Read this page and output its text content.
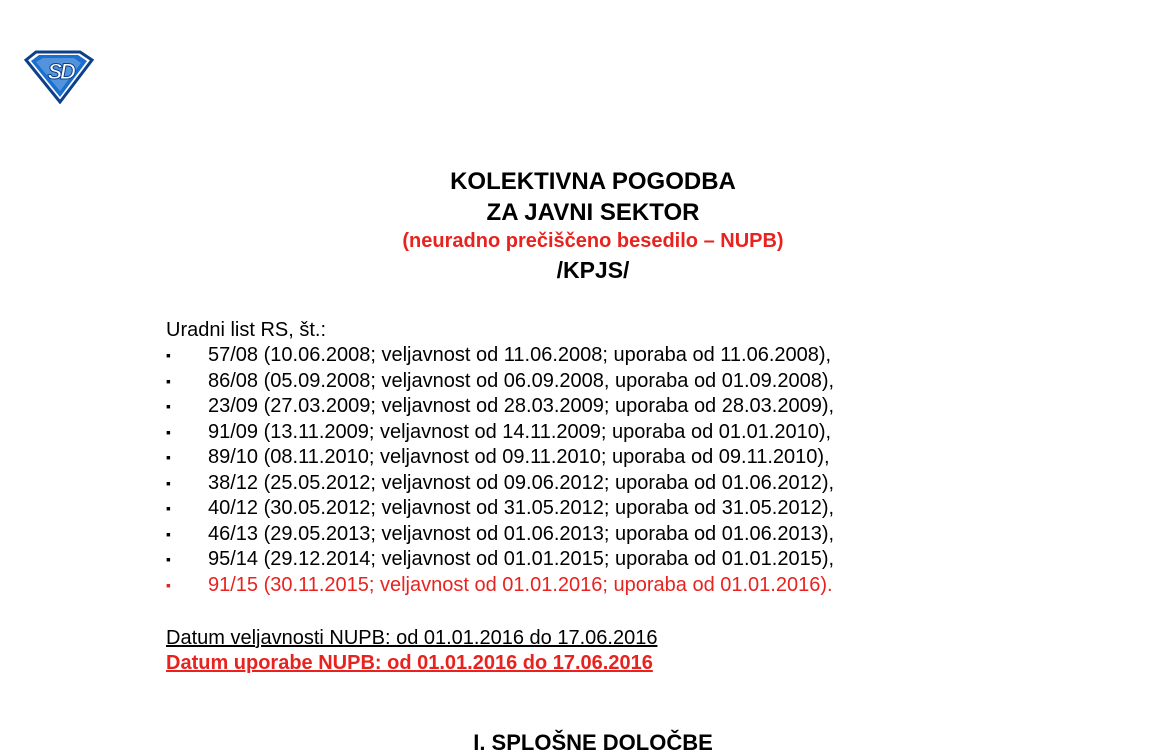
S
D
KOLEKTIVNA POGODBA
ZA JAVNI SEKTOR
(neuradno prečiščeno besedilo – NUPB)
/KPJS/
Uradni list RS, št.:
▪ 57/08 (10.06.2008; veljavnost od 11.06.2008; uporaba od 11.06.2008),
▪ 86/08 (05.09.2008; veljavnost od 06.09.2008, uporaba od 01.09.2008),
▪ 23/09 (27.03.2009; veljavnost od 28.03.2009; uporaba od 28.03.2009),
▪ 91/09 (13.11.2009; veljavnost od 14.11.2009; uporaba od 01.01.2010),
▪ 89/10 (08.11.2010; veljavnost od 09.11.2010; uporaba od 09.11.2010),
▪ 38/12 (25.05.2012; veljavnost od 09.06.2012; uporaba od 01.06.2012),
▪ 40/12 (30.05.2012; veljavnost od 31.05.2012; uporaba od 31.05.2012),
▪ 46/13 (29.05.2013; veljavnost od 01.06.2013; uporaba od 01.06.2013),
▪ 95/14 (29.12.2014; veljavnost od 01.01.2015; uporaba od 01.01.2015),
▪ 91/15 (30.11.2015; veljavnost od 01.01.2016; uporaba od 01.01.2016).
Datum veljavnosti NUPB: od 01.01.2016 do 17.06.2016
Datum uporabe NUPB: od 01.01.2016 do 17.06.2016
I. SPLOŠNE DOLOČBE
